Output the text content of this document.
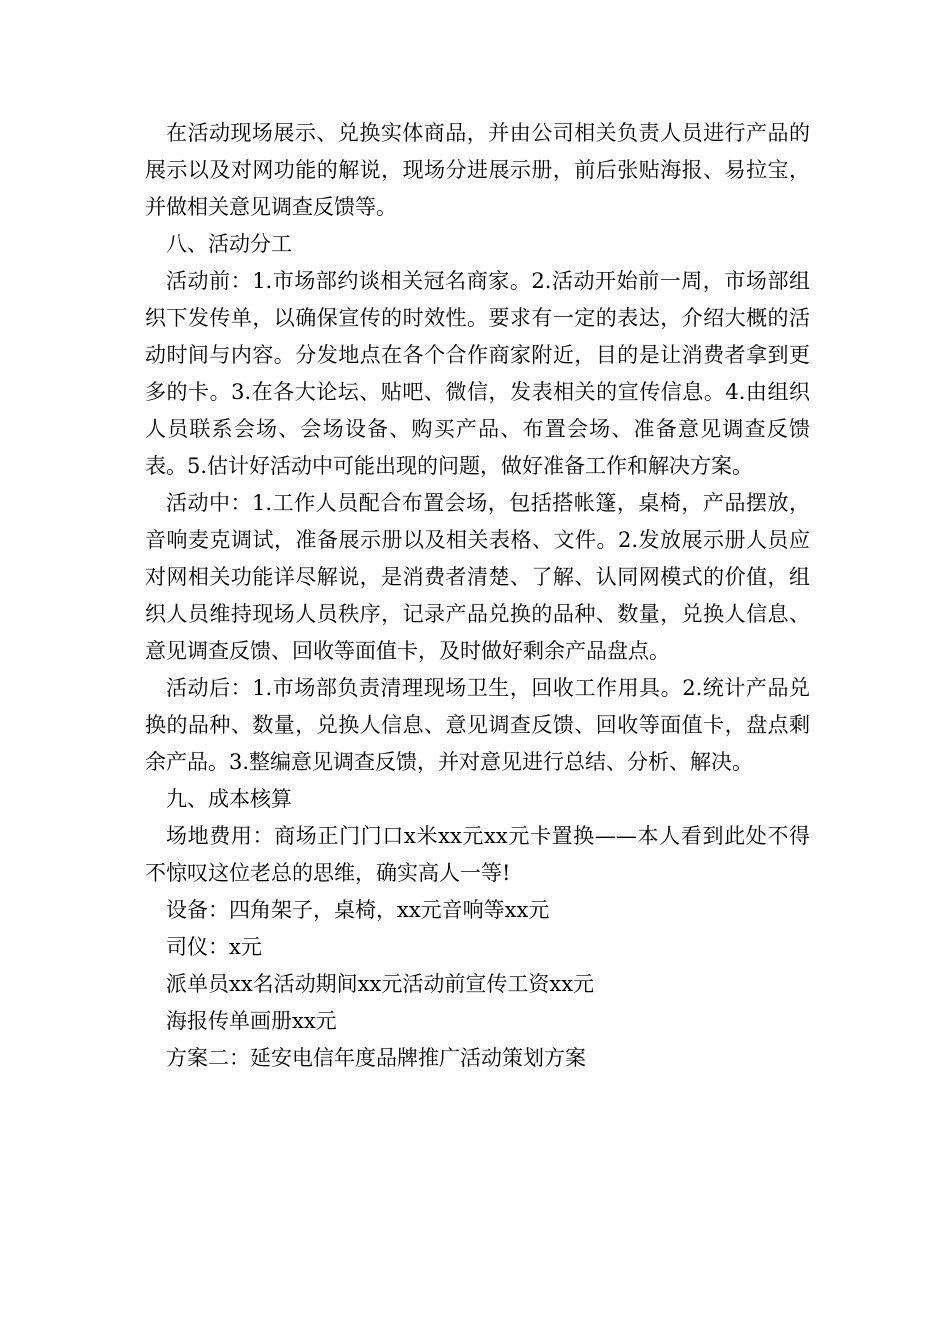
在活动现场展示、兑换实体商品，并由公司相关负责人员进行产品的展示以及对网功能的解说，现场分进展示册，前后张贴海报、易拉宝，并做相关意见调查反馈等。

八、活动分工

活动前：1.市场部约谈相关冠名商家。2.活动开始前一周，市场部组织下发传单，以确保宣传的时效性。要求有一定的表达，介绍大概的活动时间与内容。分发地点在各个合作商家附近，目的是让消费者拿到更多的卡。3.在各大论坛、贴吧、微信，发表相关的宣传信息。4.由组织人员联系会场、会场设备、购买产品、布置会场、准备意见调查反馈表。5.估计好活动中可能出现的问题，做好准备工作和解决方案。

活动中：1.工作人员配合布置会场，包括搭帐篷，桌椅，产品摆放，音响麦克调试，准备展示册以及相关表格、文件。2.发放展示册人员应对网相关功能详尽解说，是消费者清楚、了解、认同网模式的价值，组织人员维持现场人员秩序，记录产品兑换的品种、数量，兑换人信息、意见调查反馈、回收等面值卡，及时做好剩余产品盘点。

活动后：1.市场部负责清理现场卫生，回收工作用具。2.统计产品兑换的品种、数量，兑换人信息、意见调查反馈、回收等面值卡，盘点剩余产品。3.整编意见调查反馈，并对意见进行总结、分析、解决。

九、成本核算

场地费用：商场正门门口x米xx元xx元卡置换——本人看到此处不得不惊叹这位老总的思维，确实高人一等!

设备：四角架子，桌椅，xx元音响等xx元

司仪：x元

派单员xx名活动期间xx元活动前宣传工资xx元

海报传单画册xx元

方案二：延安电信年度品牌推广活动策划方案
